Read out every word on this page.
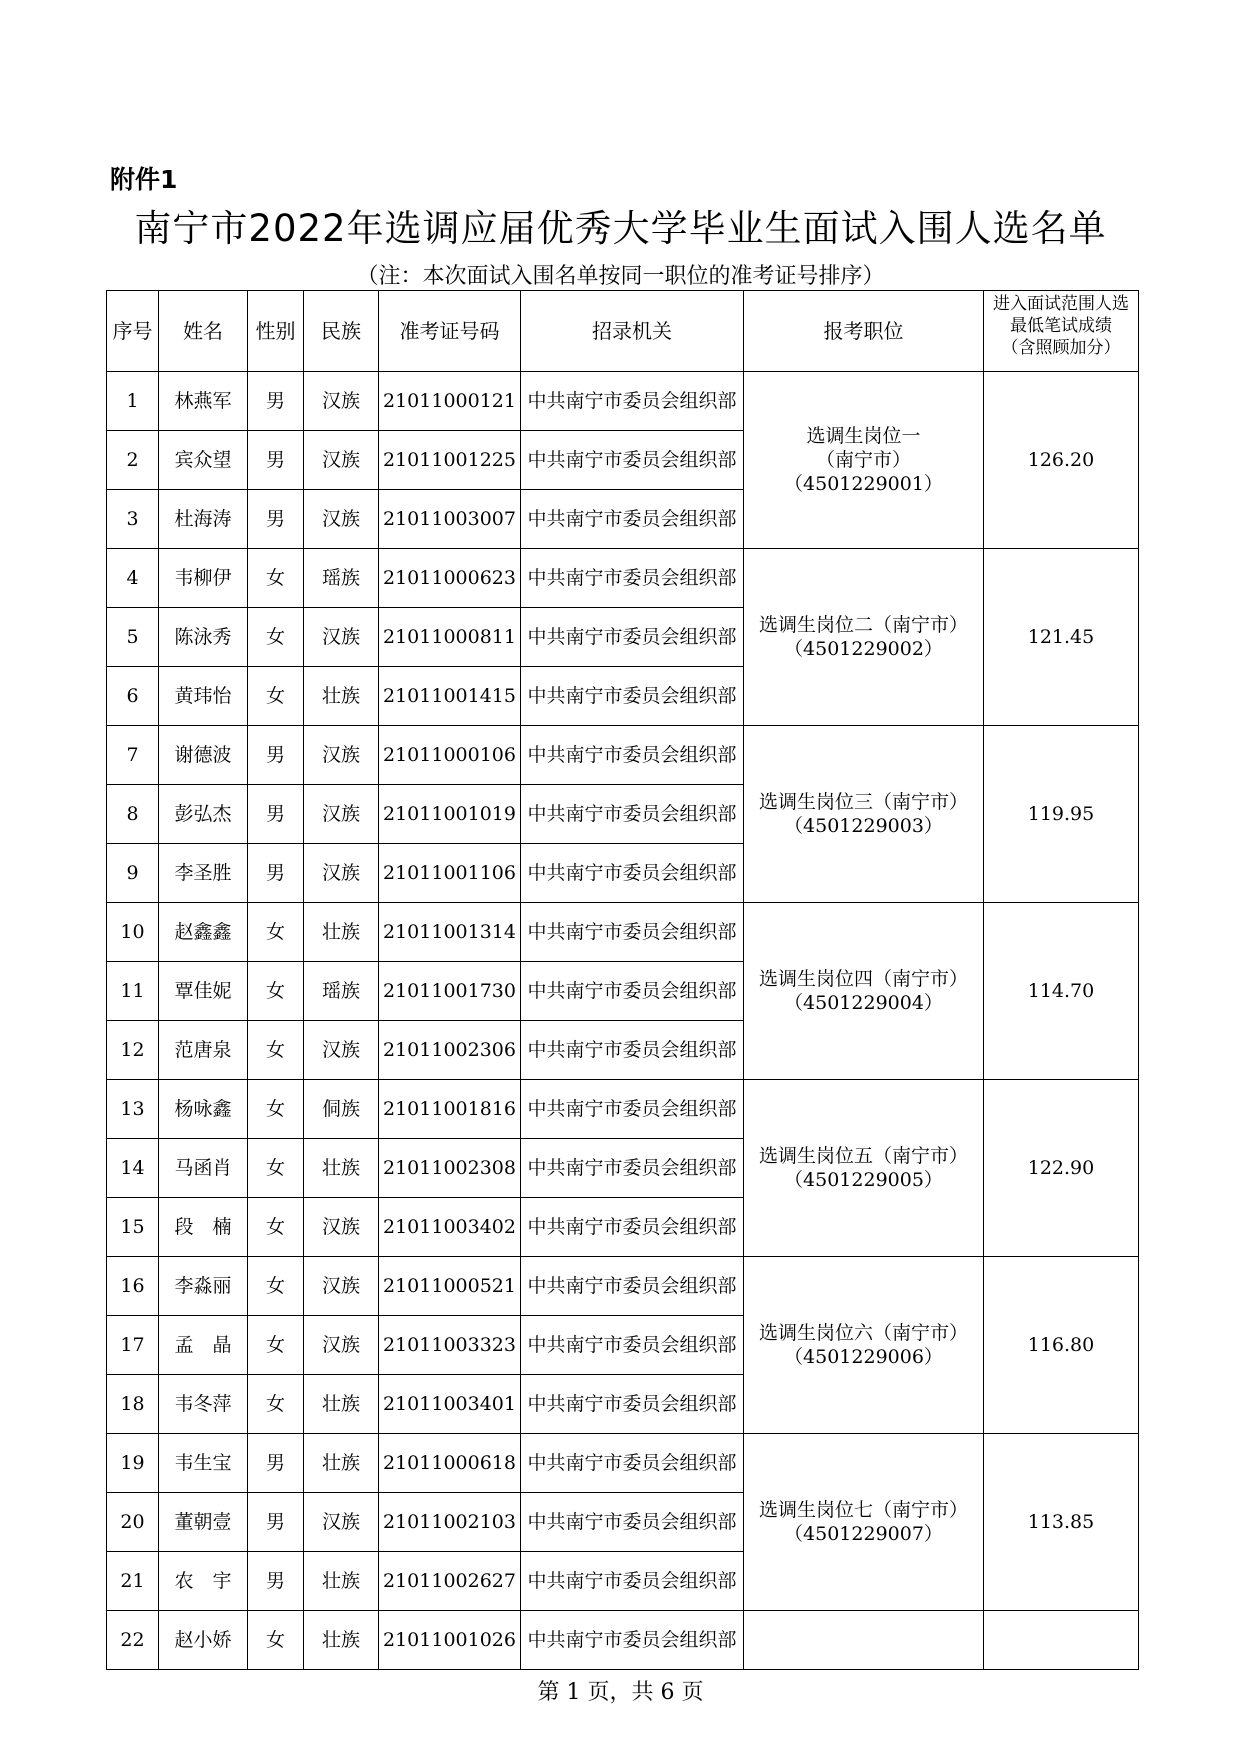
附件1
南宁市2022年选调应届优秀大学毕业生面试入围人选名单
（注：本次面试入围名单按同一职位的准考证号排序）
序号	姓名	性别	民族	准考证号码	招录机关	报考职位	进入面试范围人选
最低笔试成绩
（含照顾加分）

1	林燕军	男	汉族	21011000121	中共南宁市委员会组织部	选调生岗位一
（南宁市）
（4501229001）	126.20
2	宾众望	男	汉族	21011001225	中共南宁市委员会组织部		
3	杜海涛	男	汉族	21011003007	中共南宁市委员会组织部		
4	韦柳伊	女	瑶族	21011000623	中共南宁市委员会组织部	选调生岗位二（南宁市）
（4501229002）	121.45
5	陈泳秀	女	汉族	21011000811	中共南宁市委员会组织部		
6	黄玮怡	女	壮族	21011001415	中共南宁市委员会组织部		
7	谢德波	男	汉族	21011000106	中共南宁市委员会组织部	选调生岗位三（南宁市）
（4501229003）	119.95
8	彭弘杰	男	汉族	21011001019	中共南宁市委员会组织部		
9	李圣胜	男	汉族	21011001106	中共南宁市委员会组织部		
10	赵鑫鑫	女	壮族	21011001314	中共南宁市委员会组织部	选调生岗位四（南宁市）
（4501229004）	114.70
11	覃佳妮	女	瑶族	21011001730	中共南宁市委员会组织部		
12	范唐泉	女	汉族	21011002306	中共南宁市委员会组织部		
13	杨咏鑫	女	侗族	21011001816	中共南宁市委员会组织部	选调生岗位五（南宁市）
（4501229005）	122.90
14	马函肖	女	壮族	21011002308	中共南宁市委员会组织部		
15	段　楠	女	汉族	21011003402	中共南宁市委员会组织部		
16	李淼丽	女	汉族	21011000521	中共南宁市委员会组织部	选调生岗位六（南宁市）
（4501229006）	116.80
17	孟　晶	女	汉族	21011003323	中共南宁市委员会组织部		
18	韦冬萍	女	壮族	21011003401	中共南宁市委员会组织部		
19	韦生宝	男	壮族	21011000618	中共南宁市委员会组织部	选调生岗位七（南宁市）
（4501229007）	113.85
20	董朝壹	男	汉族	21011002103	中共南宁市委员会组织部		
21	农　宇	男	壮族	21011002627	中共南宁市委员会组织部		
22	赵小娇	女	壮族	21011001026	中共南宁市委员会组织部	

第 1 页，共 6 页
